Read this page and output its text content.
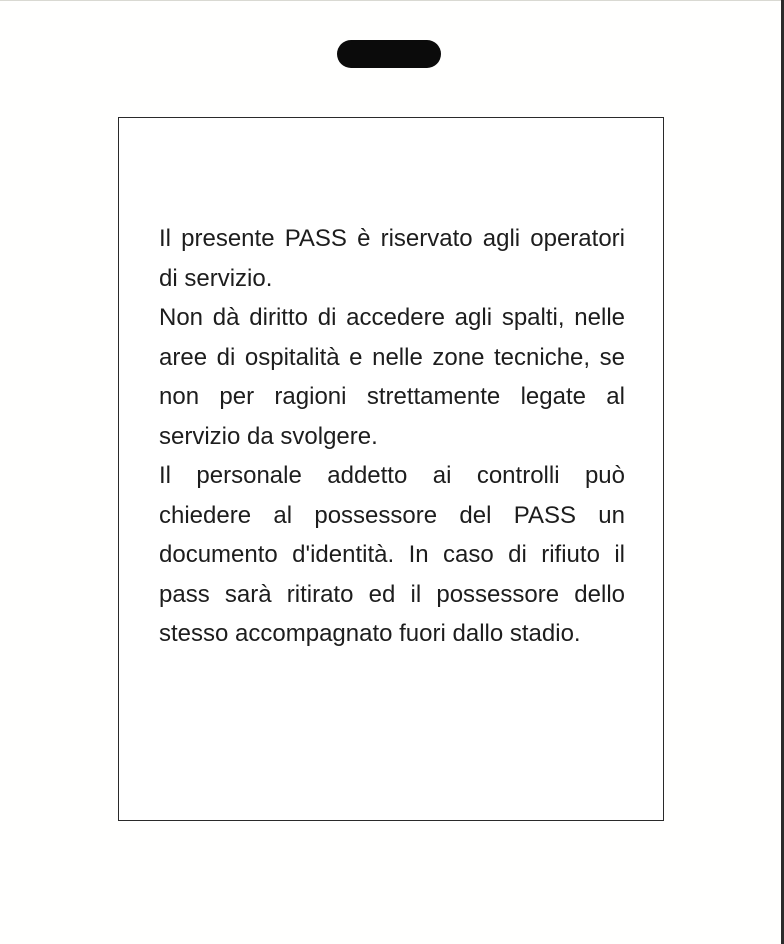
Il presente PASS è riservato agli operatori di servizio.

Non dà diritto di accedere agli spalti, nelle aree di ospitalità e nelle zone tecniche, se non per ragioni strettamente legate al servizio da svolgere.

Il personale addetto ai controlli può chiedere al possessore del PASS un documento d'identità. In caso di rifiuto il pass sarà ritirato ed il possessore dello stesso accompagnato fuori dallo stadio.
